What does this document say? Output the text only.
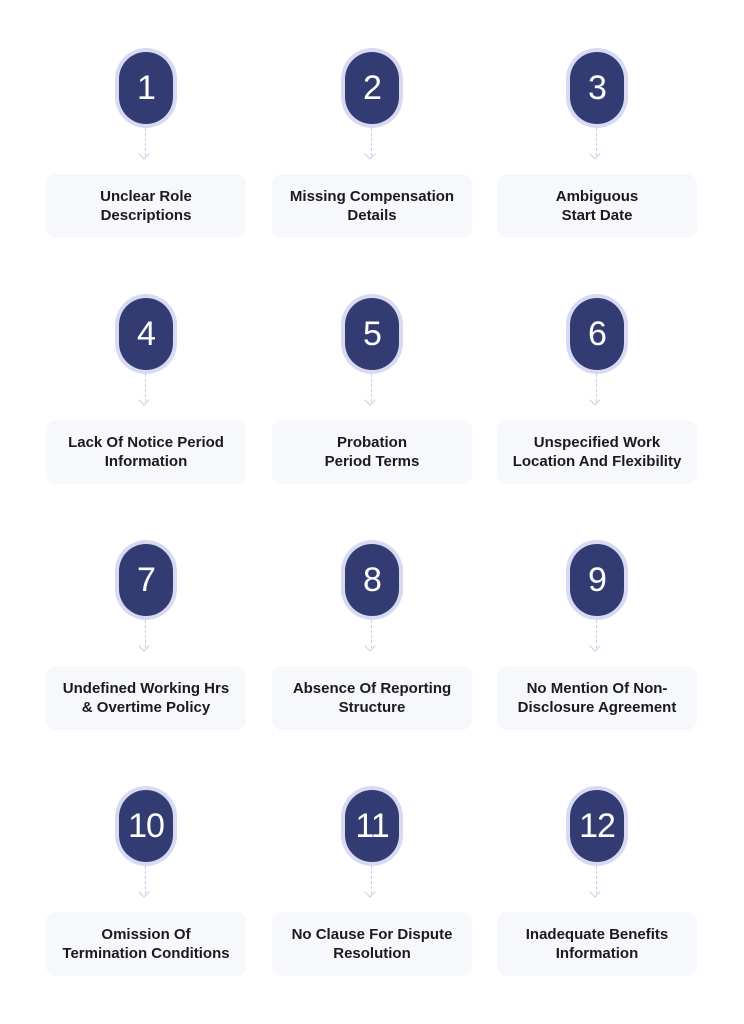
1
Unclear Role
Descriptions
2
Missing Compensation
Details
3
Ambiguous
Start Date
4
Lack Of Notice Period
Information
5
Probation
Period Terms
6
Unspecified Work
Location And Flexibility
7
Undefined Working Hrs
& Overtime Policy
8
Absence Of Reporting
Structure
9
No Mention Of Non-
Disclosure Agreement
10
Omission Of
Termination Conditions
11
No Clause For Dispute
Resolution
12
Inadequate Benefits
Information
